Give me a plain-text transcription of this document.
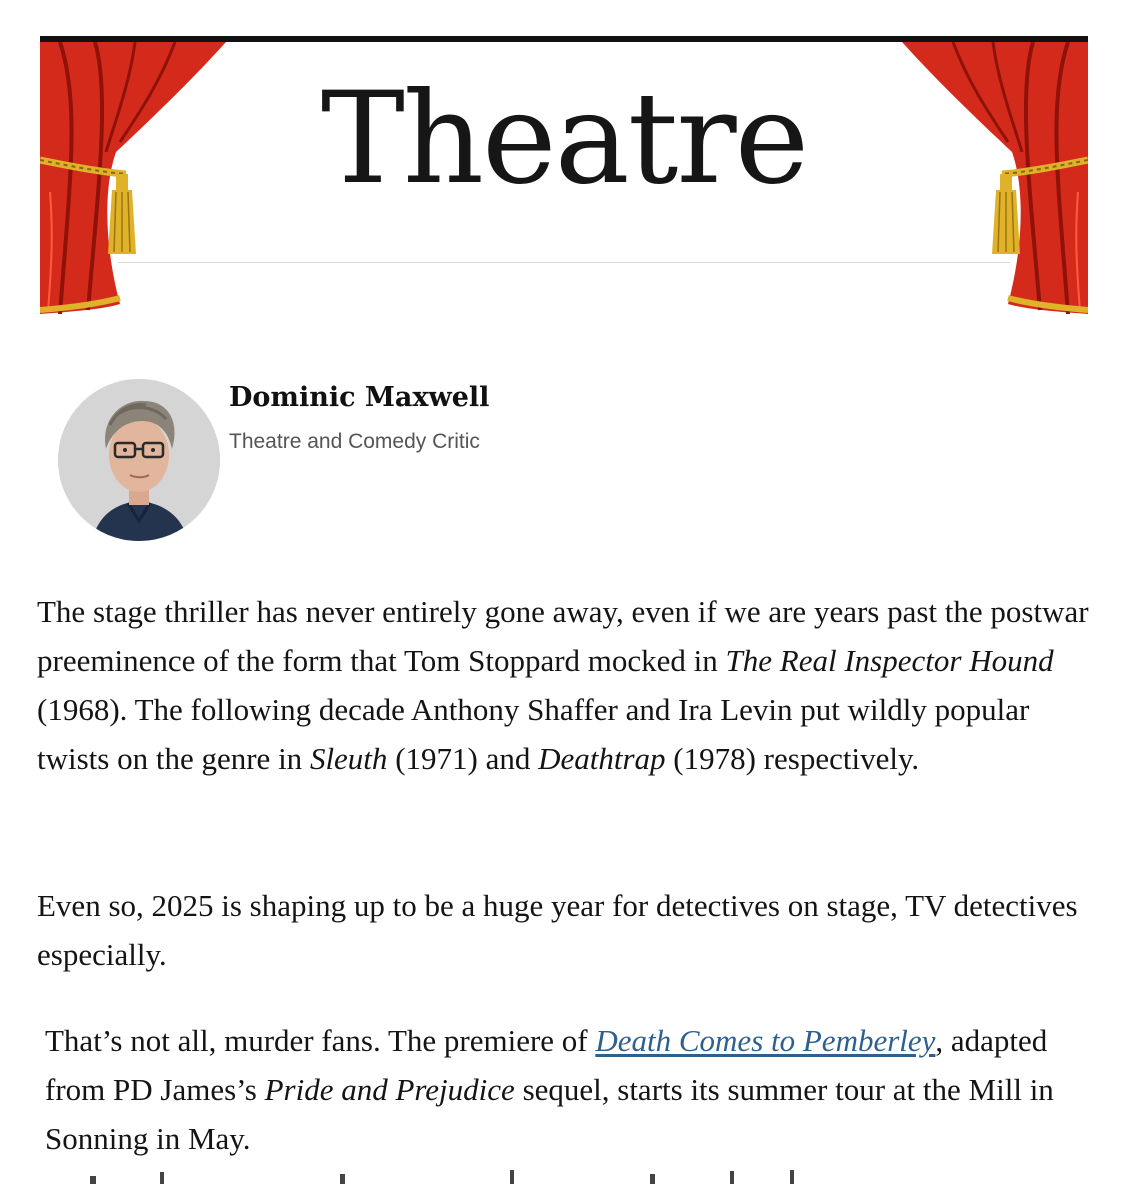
Theatre
Dominic Maxwell
Theatre and Comedy Critic

The stage thriller has never entirely gone away, even if we are years past the postwar preeminence of the form that Tom Stoppard mocked in The Real Inspector Hound (1968). The following decade Anthony Shaffer and Ira Levin put wildly popular twists on the genre in Sleuth (1971) and Deathtrap (1978) respectively.

Even so, 2025 is shaping up to be a huge year for detectives on stage, TV detectives especially.

That’s not all, murder fans. The premiere of Death Comes to Pemberley, adapted from PD James’s Pride and Prejudice sequel, starts its summer tour at the Mill in Sonning in May.
